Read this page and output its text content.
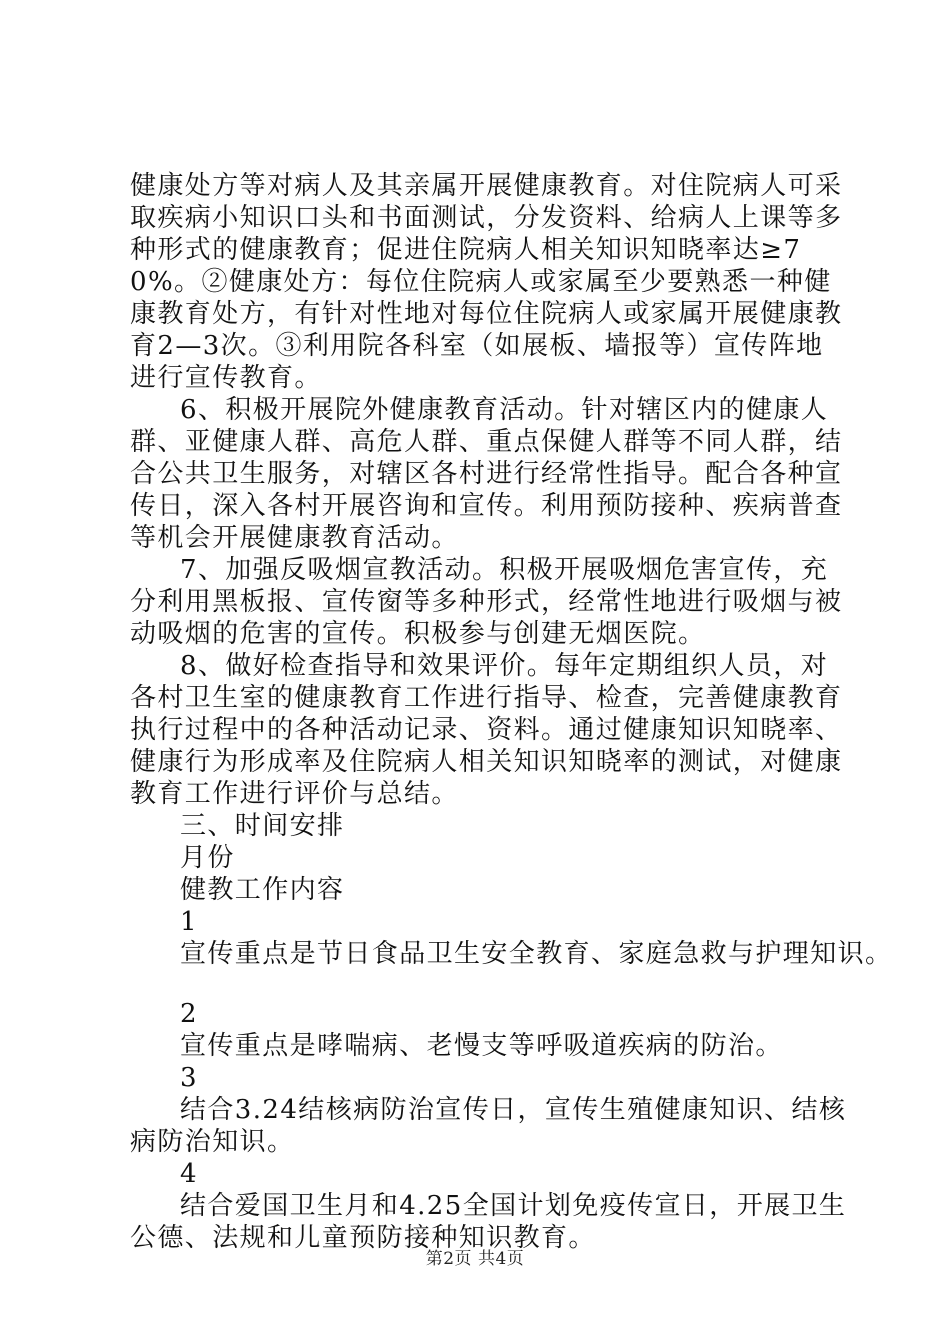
健康处方等对病人及其亲属开展健康教育。对住院病人可采取疾病小知识口头和书面测试，分发资料、给病人上课等多种形式的健康教育；促进住院病人相关知识知晓率达≥70%。②健康处方：每位住院病人或家属至少要熟悉一种健康教育处方，有针对性地对每位住院病人或家属开展健康教育2—3次。③利用院各科室（如展板、墙报等）宣传阵地进行宣传教育。

6、积极开展院外健康教育活动。针对辖区内的健康人群、亚健康人群、高危人群、重点保健人群等不同人群，结合公共卫生服务，对辖区各村进行经常性指导。配合各种宣传日，深入各村开展咨询和宣传。利用预防接种、疾病普查等机会开展健康教育活动。

7、加强反吸烟宣教活动。积极开展吸烟危害宣传，充分利用黑板报、宣传窗等多种形式，经常性地进行吸烟与被动吸烟的危害的宣传。积极参与创建无烟医院。

8、做好检查指导和效果评价。每年定期组织人员，对各村卫生室的健康教育工作进行指导、检查，完善健康教育执行过程中的各种活动记录、资料。通过健康知识知晓率、健康行为形成率及住院病人相关知识知晓率的测试，对健康教育工作进行评价与总结。

三、时间安排

月份

健教工作内容

1

宣传重点是节日食品卫生安全教育、家庭急救与护理知识。

2

宣传重点是哮喘病、老慢支等呼吸道疾病的防治。

3

结合3.24结核病防治宣传日，宣传生殖健康知识、结核病防治知识。

4

结合爱国卫生月和4.25全国计划免疫传宣日，开展卫生公德、法规和儿童预防接种知识教育。

第2页 共4页
